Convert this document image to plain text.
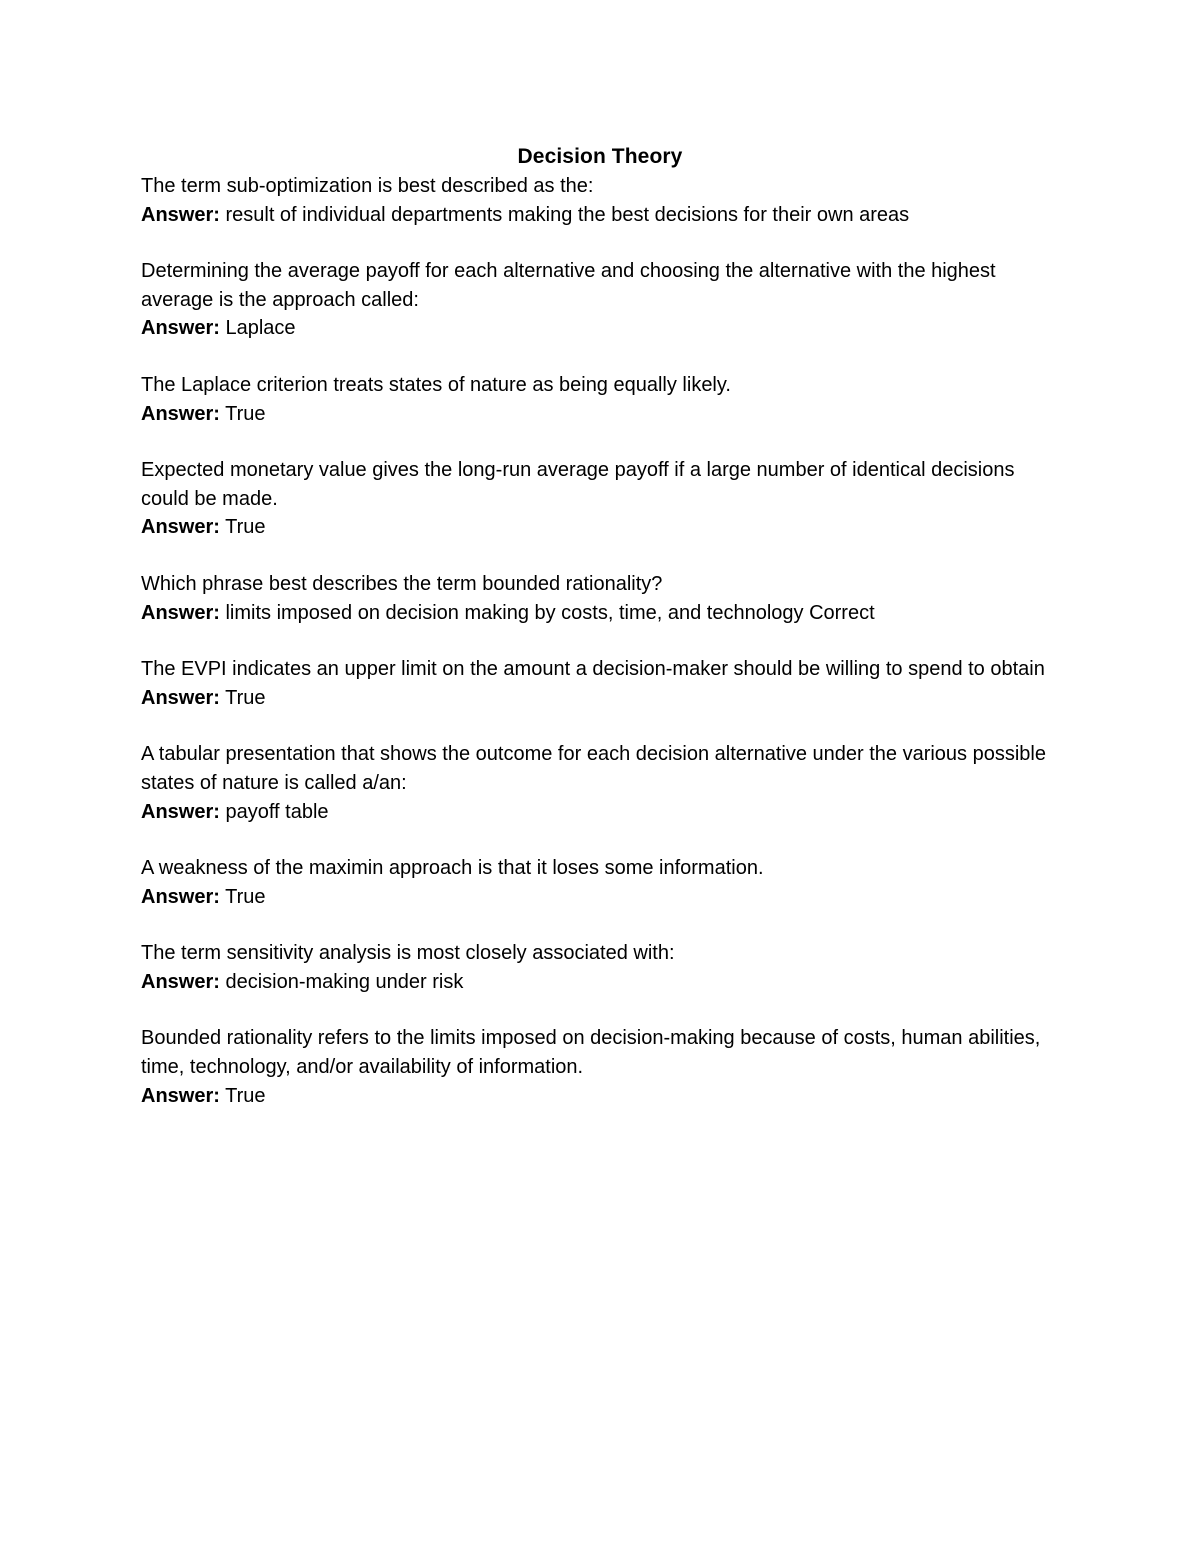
Decision Theory

The term sub-optimization is best described as the:

Answer: result of individual departments making the best decisions for their own areas

Determining the average payoff for each alternative and choosing the alternative with the highest average is the approach called:

Answer: Laplace

The Laplace criterion treats states of nature as being equally likely.

Answer: True

Expected monetary value gives the long-run average payoff if a large number of identical decisions could be made.

Answer: True

Which phrase best describes the term bounded rationality?

Answer: limits imposed on decision making by costs, time, and technology Correct

The EVPI indicates an upper limit on the amount a decision-maker should be willing to spend to obtain

Answer: True

A tabular presentation that shows the outcome for each decision alternative under the various possible states of nature is called a/an:

Answer: payoff table

A weakness of the maximin approach is that it loses some information.

Answer: True

The term sensitivity analysis is most closely associated with:

Answer: decision-making under risk

Bounded rationality refers to the limits imposed on decision-making because of costs, human abilities, time, technology, and/or availability of information.

Answer: True
